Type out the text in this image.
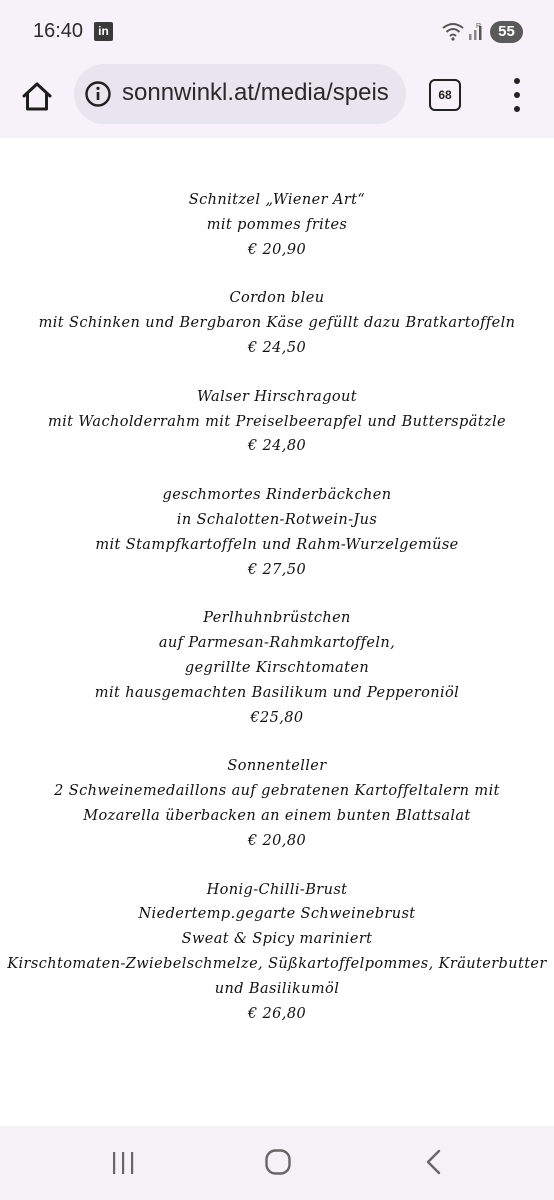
16:40	in	R	55
sonnwinkl.at/media/speis	68
Schnitzel „Wiener Art“
mit pommes frites
€ 20,90
Cordon bleu
mit Schinken und Bergbaron Käse gefüllt dazu Bratkartoffeln
€ 24,50
Walser Hirschragout
mit Wacholderrahm mit Preiselbeerapfel und Butterspätzle
€ 24,80
geschmortes Rinderbäckchen
in Schalotten-Rotwein-Jus
mit Stampfkartoffeln und Rahm-Wurzelgemüse
€ 27,50
Perlhuhnbrüstchen
auf Parmesan-Rahmkartoffeln,
gegrillte Kirschtomaten
mit hausgemachten Basilikum und Pepperoniöl
€25,80
Sonnenteller
2 Schweinemedaillons auf gebratenen Kartoffeltalern mit
Mozarella überbacken an einem bunten Blattsalat
€ 20,80
Honig-Chilli-Brust
Niedertemp.gegarte Schweinebrust
Sweat & Spicy mariniert
Kirschtomaten-Zwiebelschmelze, Süßkartoffelpommes, Kräuterbutter
und Basilikumöl
€ 26,80
